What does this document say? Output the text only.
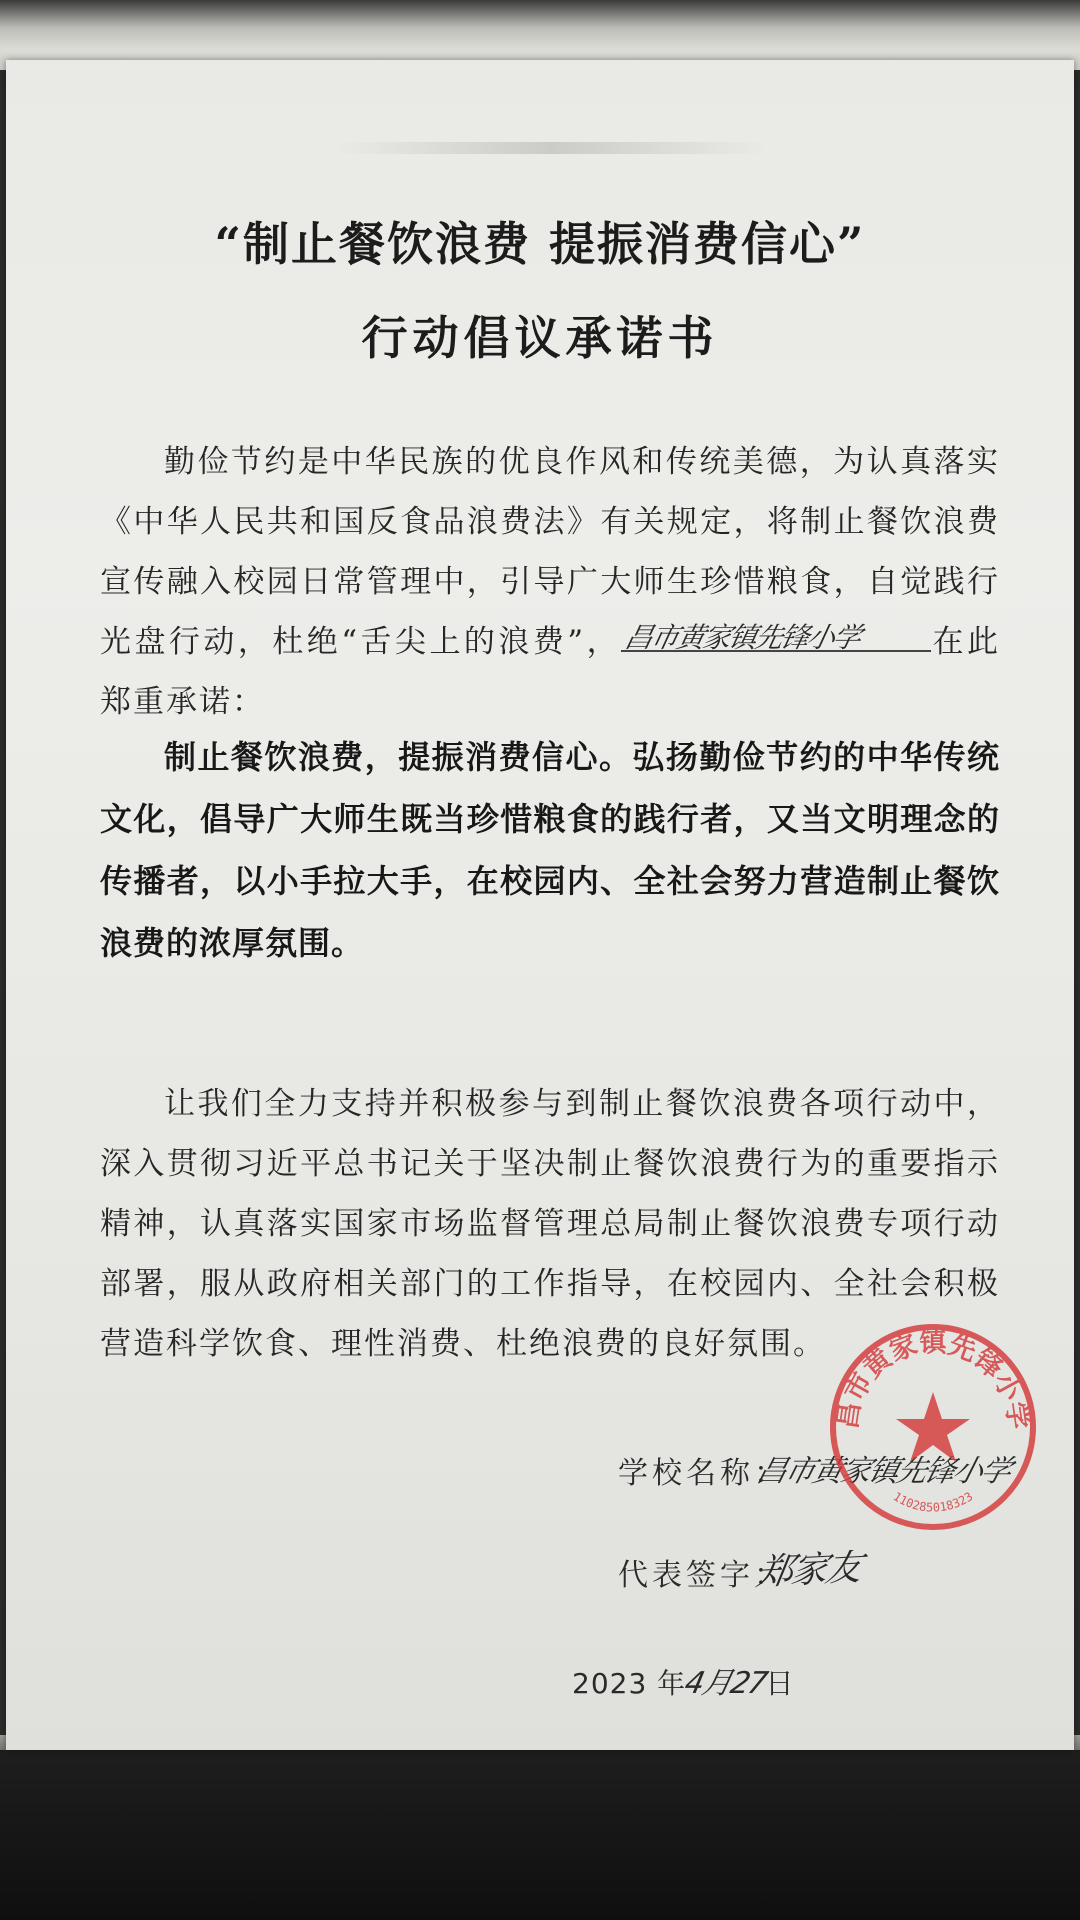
“制止餐饮浪费 提振消费信心”
行动倡议承诺书
勤俭节约是中华民族的优良作风和传统美德，为认真落实《中华人民共和国反食品浪费法》有关规定，将制止餐饮浪费宣传融入校园日常管理中，引导广大师生珍惜粮食，自觉践行光盘行动，杜绝“舌尖上的浪费”， 昌市黄家镇先锋小学 在此郑重承诺：
制止餐饮浪费，提振消费信心。弘扬勤俭节约的中华传统文化，倡导广大师生既当珍惜粮食的践行者，又当文明理念的传播者，以小手拉大手，在校园内、全社会努力营造制止餐饮浪费的浓厚氛围。
让我们全力支持并积极参与到制止餐饮浪费各项行动中，深入贯彻习近平总书记关于坚决制止餐饮浪费行为的重要指示精神，认真落实国家市场监督管理总局制止餐饮浪费专项行动部署，服从政府相关部门的工作指导，在校园内、全社会积极营造科学饮食、理性消费、杜绝浪费的良好氛围。
学校名称：
昌市黄家镇先锋小学
代表签字：
郑家友
2023 年4月27日
昌市黄家镇先锋小学
110285018323
